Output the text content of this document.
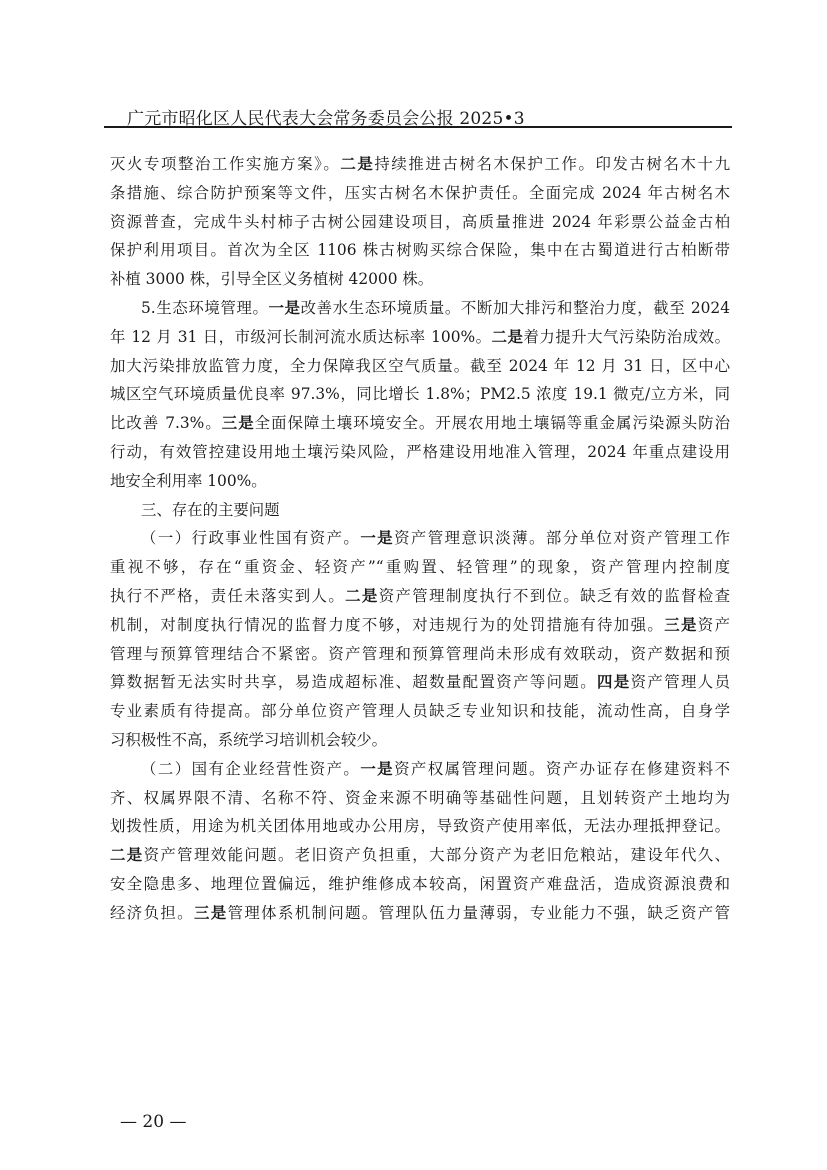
广元市昭化区人民代表大会常务委员会公报 2025•3
灭火专项整治工作实施方案》。二是持续推进古树名木保护工作。印发古树名木十九
条措施、综合防护预案等文件，压实古树名木保护责任。全面完成 2024 年古树名木
资源普查，完成牛头村柿子古树公园建设项目，高质量推进 2024 年彩票公益金古柏
保护利用项目。首次为全区 1106 株古树购买综合保险，集中在古蜀道进行古柏断带
补植 3000 株，引导全区义务植树 42000 株。
5.生态环境管理。一是改善水生态环境质量。不断加大排污和整治力度，截至 2024
年 12 月 31 日，市级河长制河流水质达标率 100%。二是着力提升大气污染防治成效。
加大污染排放监管力度，全力保障我区空气质量。截至 2024 年 12 月 31 日，区中心
城区空气环境质量优良率 97.3%，同比增长 1.8%；PM2.5 浓度 19.1 微克/立方米，同
比改善 7.3%。三是全面保障土壤环境安全。开展农用地土壤镉等重金属污染源头防治
行动，有效管控建设用地土壤污染风险，严格建设用地准入管理，2024 年重点建设用
地安全利用率 100%。
三、存在的主要问题
（一）行政事业性国有资产。一是资产管理意识淡薄。部分单位对资产管理工作
重视不够，存在“重资金、轻资产”“重购置、轻管理”的现象，资产管理内控制度
执行不严格，责任未落实到人。二是资产管理制度执行不到位。缺乏有效的监督检查
机制，对制度执行情况的监督力度不够，对违规行为的处罚措施有待加强。三是资产
管理与预算管理结合不紧密。资产管理和预算管理尚未形成有效联动，资产数据和预
算数据暂无法实时共享，易造成超标准、超数量配置资产等问题。四是资产管理人员
专业素质有待提高。部分单位资产管理人员缺乏专业知识和技能，流动性高，自身学
习积极性不高，系统学习培训机会较少。
（二）国有企业经营性资产。一是资产权属管理问题。资产办证存在修建资料不
齐、权属界限不清、名称不符、资金来源不明确等基础性问题，且划转资产土地均为
划拨性质，用途为机关团体用地或办公用房，导致资产使用率低，无法办理抵押登记。
二是资产管理效能问题。老旧资产负担重，大部分资产为老旧危粮站，建设年代久、
安全隐患多、地理位置偏远，维护维修成本较高，闲置资产难盘活，造成资源浪费和
经济负担。三是管理体系机制问题。管理队伍力量薄弱，专业能力不强，缺乏资产管
— 20 —
